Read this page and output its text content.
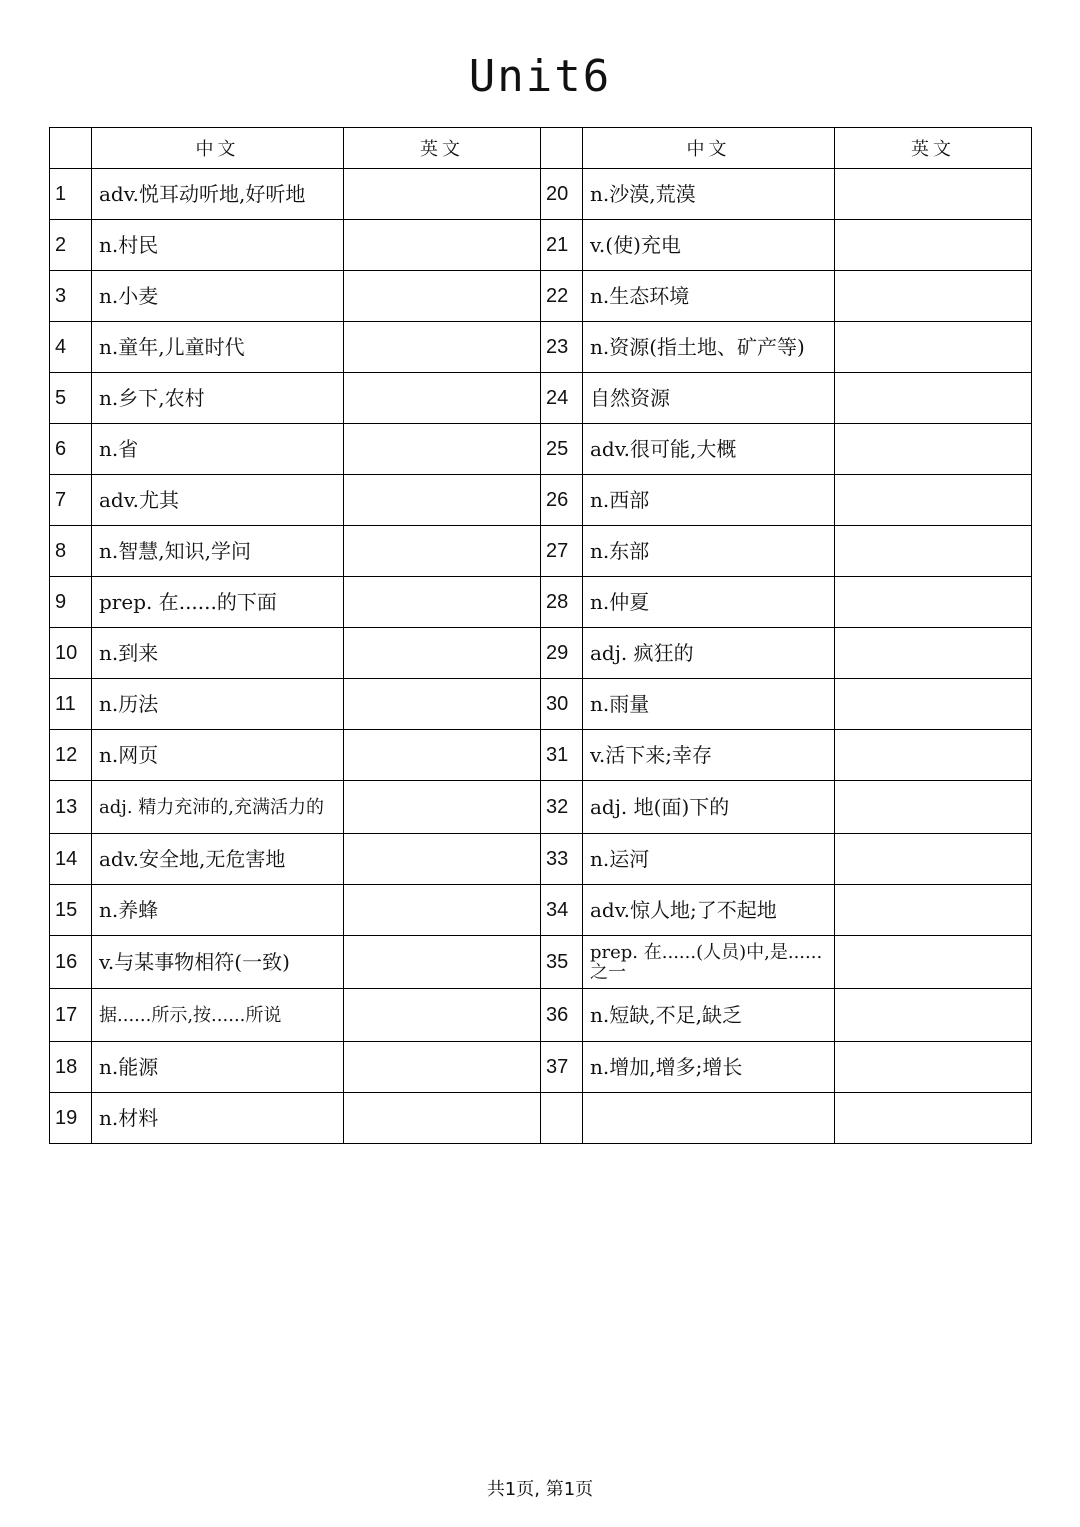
Unit6
	中文	英文		中文	英文
1	adv.悦耳动听地,好听地		20	n.沙漠,荒漠	
2	n.村民		21	v.(使)充电	
3	n.小麦		22	n.生态环境	
4	n.童年,儿童时代		23	n.资源(指土地、矿产等)	
5	n.乡下,农村		24	自然资源	
6	n.省		25	adv.很可能,大概	
7	adv.尤其		26	n.西部	
8	n.智慧,知识,学问		27	n.东部	
9	prep. 在......的下面		28	n.仲夏	
10	n.到来		29	adj. 疯狂的	
11	n.历法		30	n.雨量	
12	n.网页		31	v.活下来;幸存	
13	adj. 精力充沛的,充满活力的		32	adj. 地(面)下的	
14	adv.安全地,无危害地		33	n.运河	
15	n.养蜂		34	adv.惊人地;了不起地	
16	v.与某事物相符(一致)		35	prep. 在......(人员)中,是......之一	
17	据......所示,按......所说		36	n.短缺,不足,缺乏	
18	n.能源		37	n.增加,增多;增长	
19	n.材料				
共1页, 第1页
